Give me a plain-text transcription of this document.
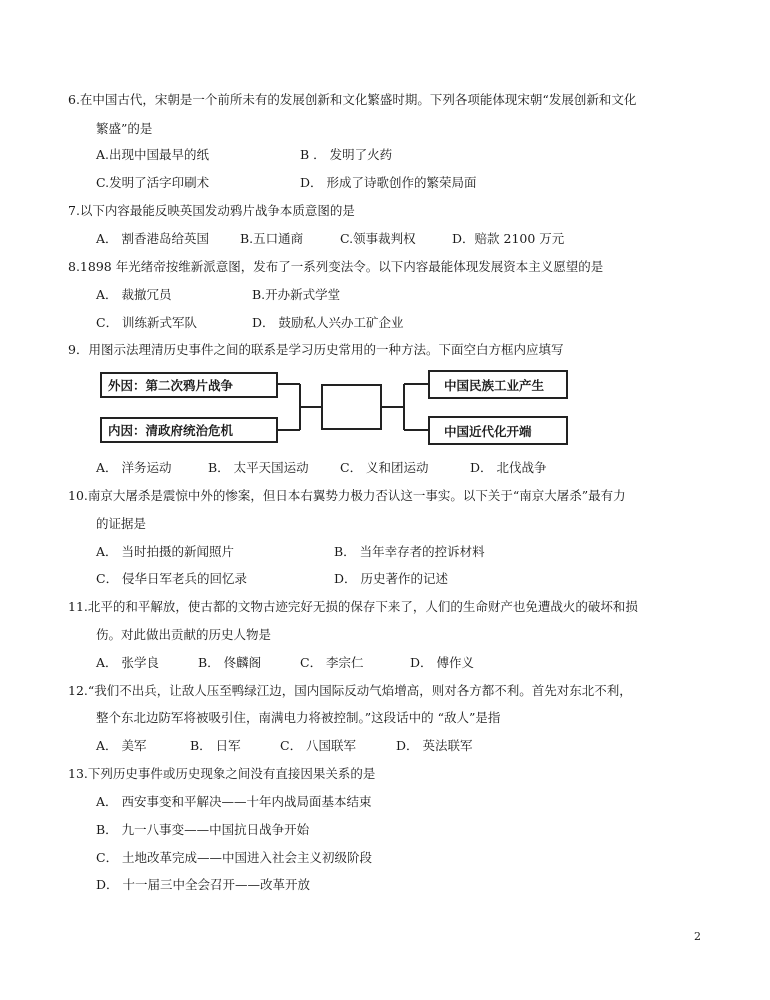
6.在中国古代，宋朝是一个前所未有的发展创新和文化繁盛时期。下列各项能体现宋朝“发展创新和文化
繁盛”的是
A.出现中国最早的纸	B ． 发明了火药
C.发明了活字印刷术	D． 形成了诗歌创作的繁荣局面
7.以下内容最能反映英国发动鸦片战争本质意图的是
A． 割香港岛给英国 B.五口通商	C.领事裁判权	D．赔款 2100 万元
8.1898 年光绪帝按维新派意图，发布了一系列变法令。以下内容最能体现发展资本主义愿望的是
A． 裁撤冗员	B.开办新式学堂
C． 训练新式军队	D． 鼓励私人兴办工矿企业
9．用图示法理清历史事件之间的联系是学习历史常用的一种方法。下面空白方框内应填写
外因：第二次鸦片战争
内因：清政府统治危机
中国民族工业产生
中国近代化开端
A． 洋务运动	B． 太平天国运动	C． 义和团运动	D． 北伐战争
10.南京大屠杀是震惊中外的惨案，但日本右翼势力极力否认这一事实。以下关于“南京大屠杀”最有力
的证据是
A． 当时拍摄的新闻照片	B． 当年幸存者的控诉材料
C． 侵华日军老兵的回忆录	D． 历史著作的记述
11.北平的和平解放，使古都的文物古迹完好无损的保存下来了，人们的生命财产也免遭战火的破坏和损
伤。对此做出贡献的历史人物是
A． 张学良	B． 佟麟阁	C． 李宗仁	D． 傅作义
12.“我们不出兵，让敌人压至鸭绿江边，国内国际反动气焰增高，则对各方都不利。首先对东北不利，
整个东北边防军将被吸引住，南满电力将被控制。”这段话中的 “敌人”是指
A． 美军	B． 日军	C． 八国联军	D． 英法联军
13.下列历史事件或历史现象之间没有直接因果关系的是
A． 西安事变和平解决——十年内战局面基本结束
B． 九一八事变——中国抗日战争开始
C． 土地改革完成——中国进入社会主义初级阶段
D． 十一届三中全会召开——改革开放
2
